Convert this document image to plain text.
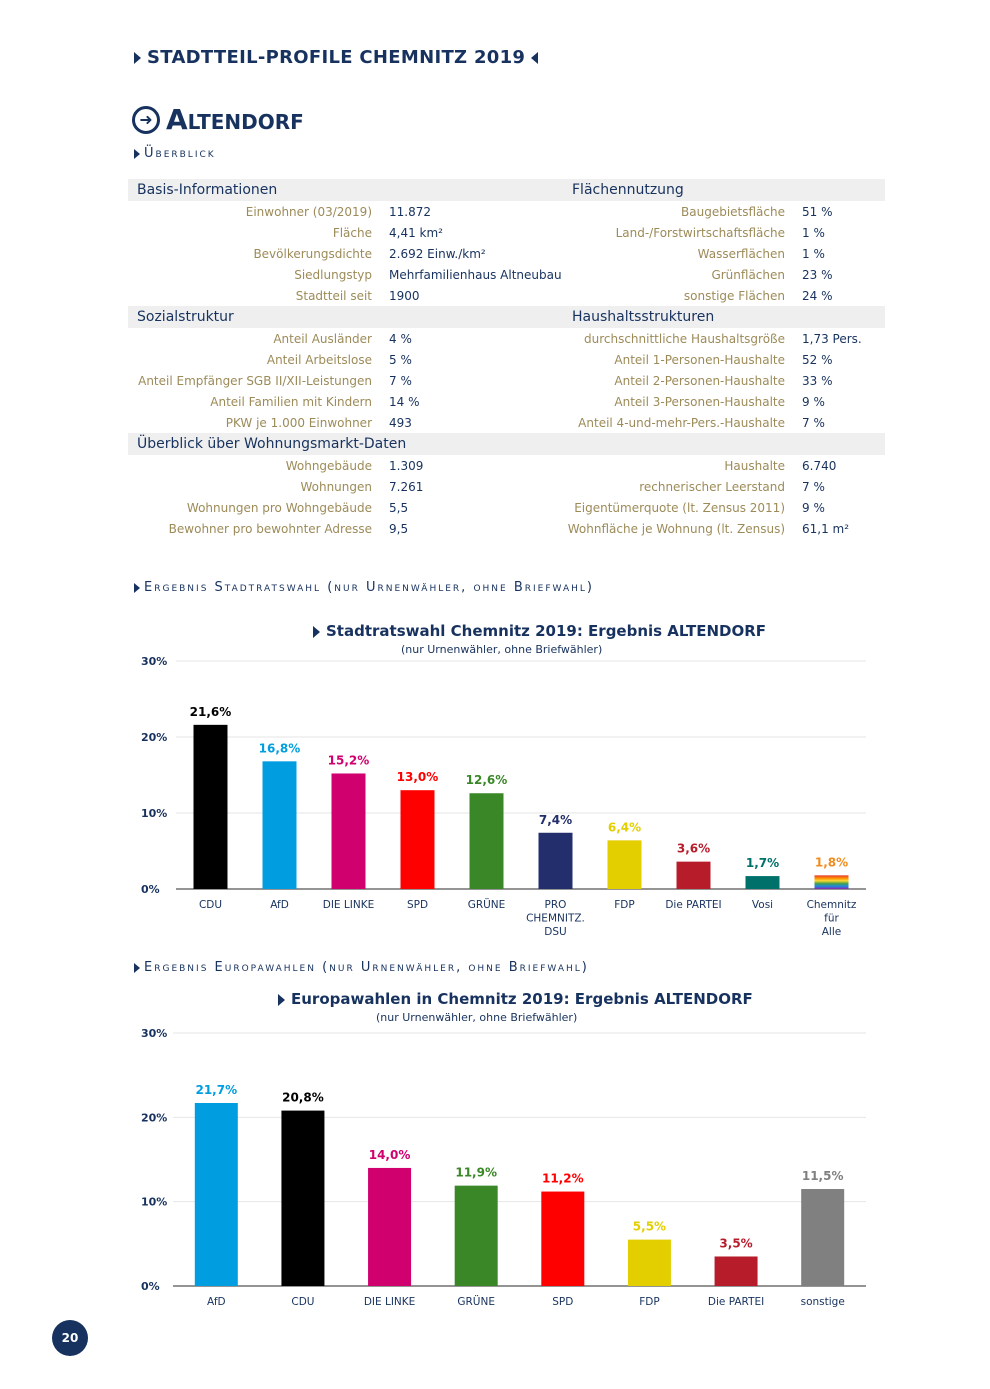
STADTTEIL-PROFILE CHEMNITZ 2019
➜ Altendorf
Überblick
Basis-Informationen	Flächennutzung
Einwohner (03/2019) 11.872	Baugebietsfläche 51 %
Fläche 4,41 km²	Land-/Forstwirtschaftsfläche 1 %
Bevölkerungsdichte 2.692 Einw./km²	Wasserflächen 1 %
Siedlungstyp Mehrfamilienhaus Altneubau	Grünflächen 23 %
Stadtteil seit 1900	sonstige Flächen 24 %
Sozialstruktur	Haushaltsstrukturen
Anteil Ausländer 4 %	durchschnittliche Haushaltsgröße 1,73 Pers.
Anteil Arbeitslose 5 %	Anteil 1-Personen-Haushalte 52 %
Anteil Empfänger SGB II/XII-Leistungen 7 %	Anteil 2-Personen-Haushalte 33 %
Anteil Familien mit Kindern 14 %	Anteil 3-Personen-Haushalte 9 %
PKW je 1.000 Einwohner 493	Anteil 4-und-mehr-Pers.-Haushalte 7 %
Überblick über Wohnungsmarkt-Daten
Wohngebäude 1.309	Haushalte 6.740
Wohnungen 7.261	rechnerischer Leerstand 7 %
Wohnungen pro Wohngebäude 5,5	Eigentümerquote (lt. Zensus 2011) 9 %
Bewohner pro bewohnter Adresse 9,5	Wohnfläche je Wohnung (lt. Zensus) 61,1 m²
Ergebnis Stadtratswahl (nur Urnenwähler, ohne Briefwahl)
Stadtratswahl Chemnitz 2019: Ergebnis ALTENDORF
(nur Urnenwähler, ohne Briefwähler)
0%
10%
20%
30%
21,6%
CDU
16,8%
AfD
15,2%
DIE LINKE
13,0%
SPD
12,6%
GRÜNE
7,4%
PRO
CHEMNITZ.
DSU
6,4%
FDP
3,6%
Die PARTEI
1,7%
Vosi
1,8%
Chemnitz
für
Alle
Ergebnis Europawahlen (nur Urnenwähler, ohne Briefwahl)
Europawahlen in Chemnitz 2019: Ergebnis ALTENDORF
(nur Urnenwähler, ohne Briefwähler)
0%
10%
20%
30%
21,7%
AfD
20,8%
CDU
14,0%
DIE LINKE
11,9%
GRÜNE
11,2%
SPD
5,5%
FDP
3,5%
Die PARTEI
11,5%
sonstige
20
